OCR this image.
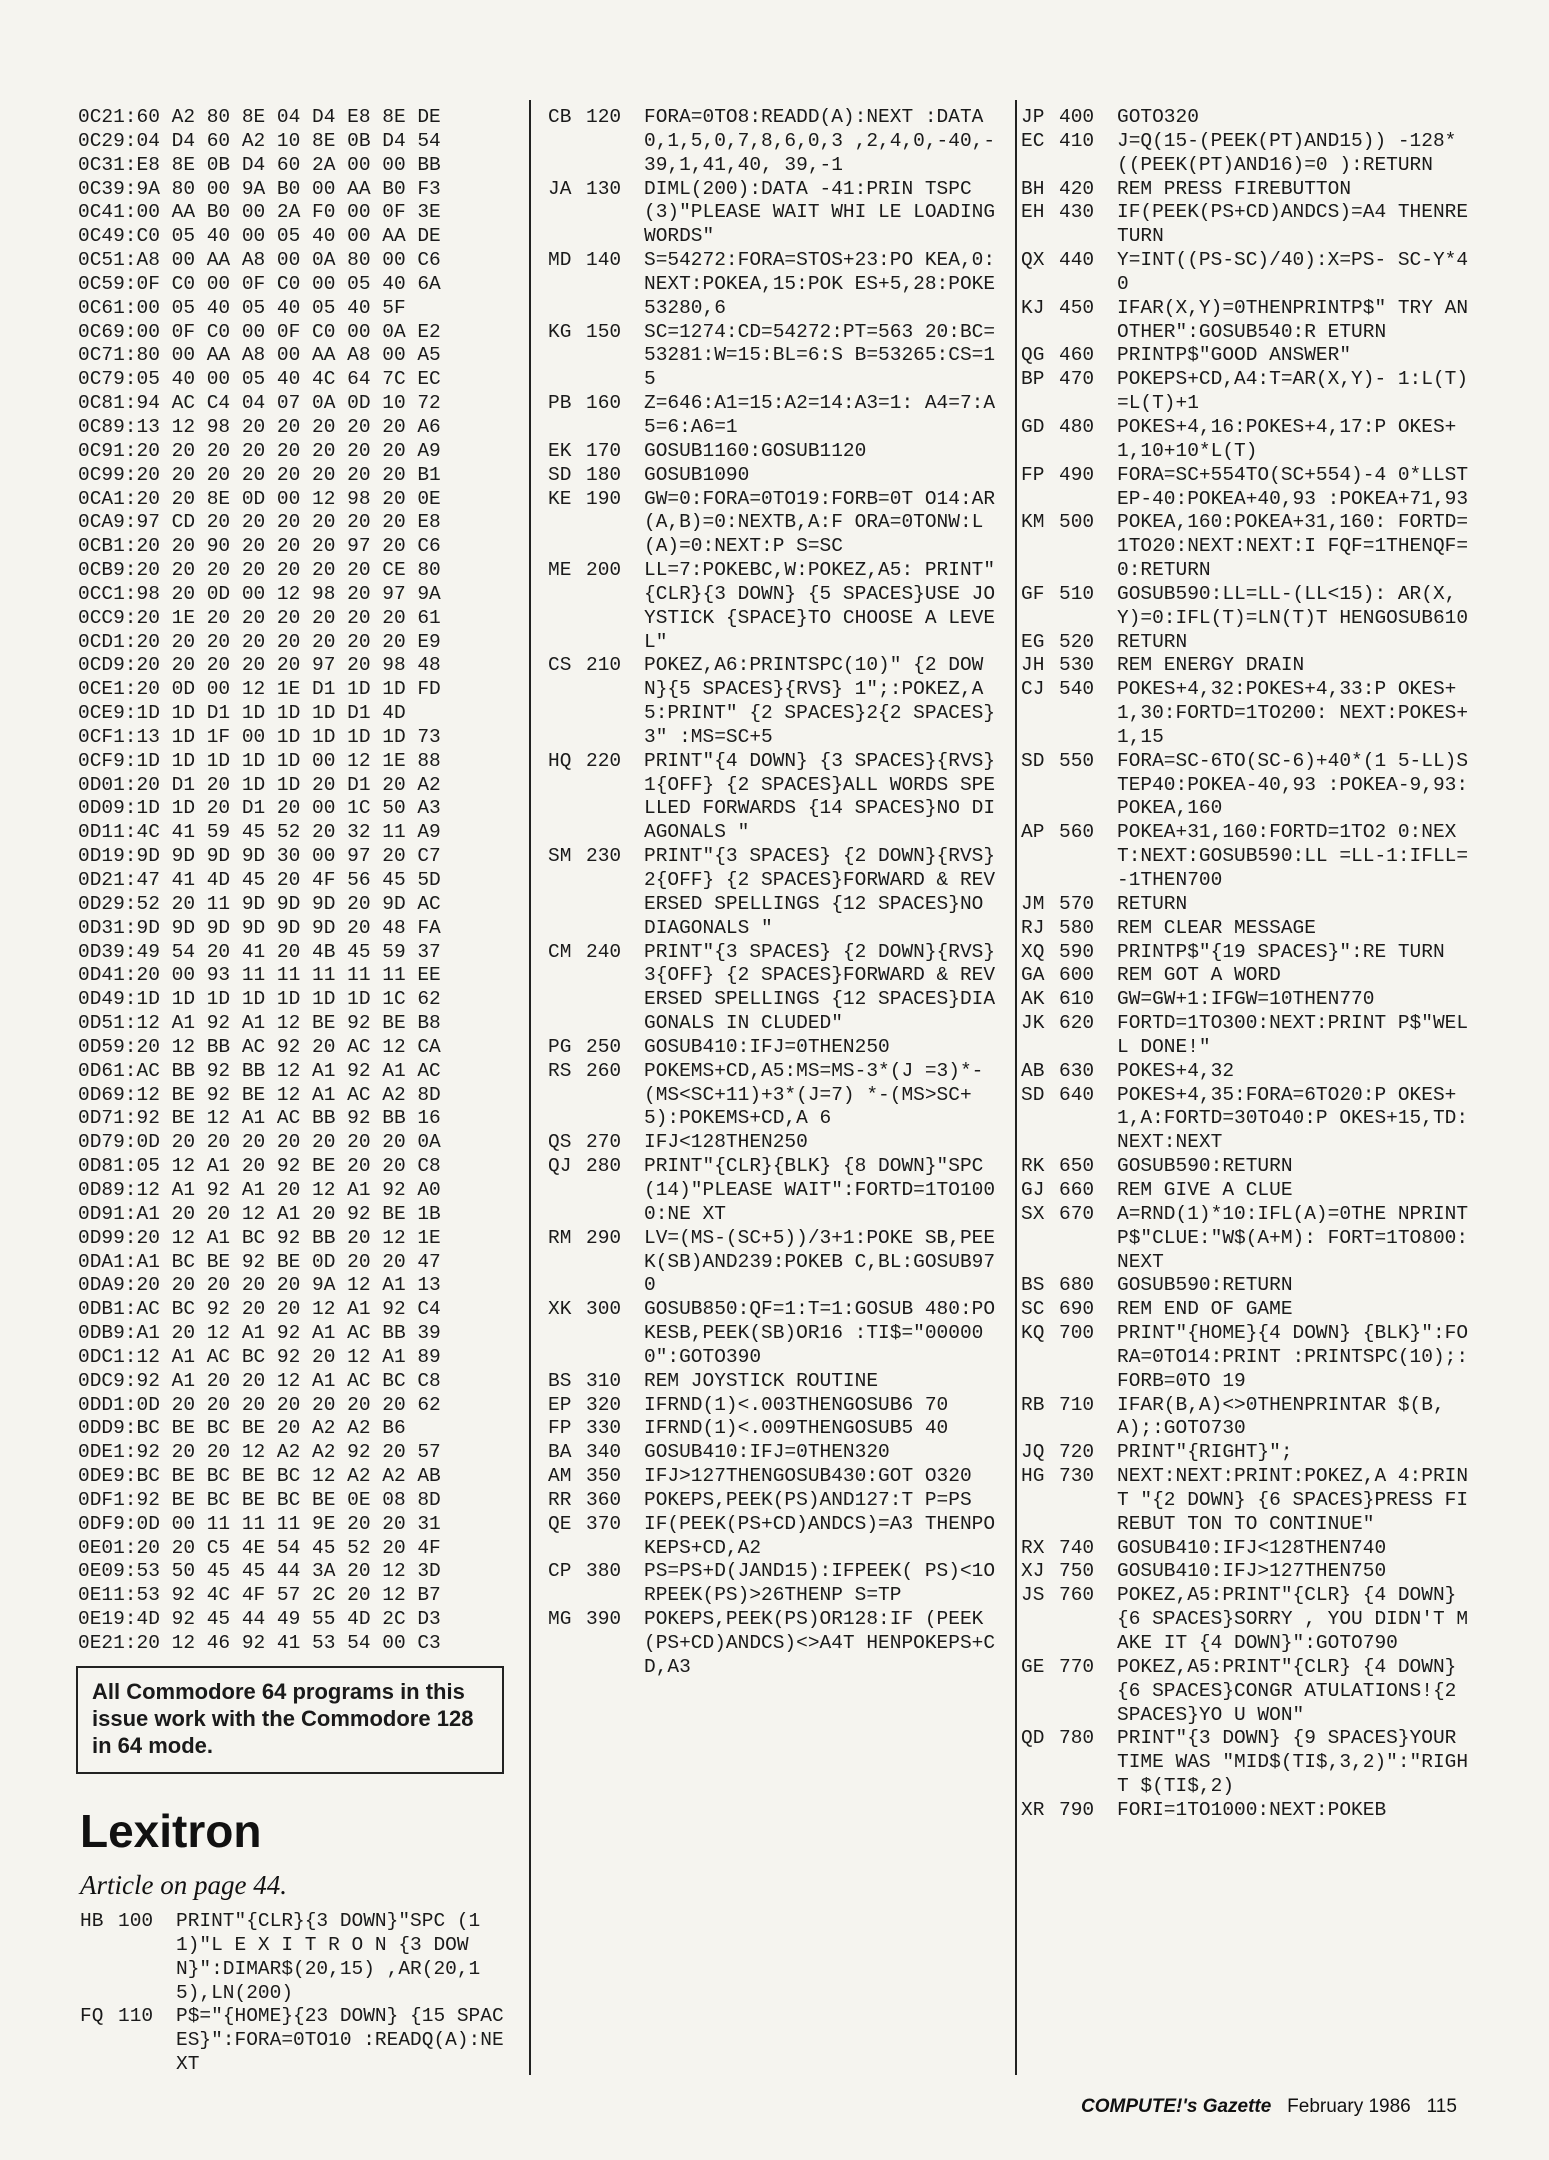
0C21:60 A2 80 8E 04 D4 E8 8E DE
0C29:04 D4 60 A2 10 8E 0B D4 54
0C31:E8 8E 0B D4 60 2A 00 00 BB
0C39:9A 80 00 9A B0 00 AA B0 F3
0C41:00 AA B0 00 2A F0 00 0F 3E
0C49:C0 05 40 00 05 40 00 AA DE
0C51:A8 00 AA A8 00 0A 80 00 C6
0C59:0F C0 00 0F C0 00 05 40 6A
0C61:00 05 40 05 40 05 40 5F
0C69:00 0F C0 00 0F C0 00 0A E2
0C71:80 00 AA A8 00 AA A8 00 A5
0C79:05 40 00 05 40 4C 64 7C EC
0C81:94 AC C4 04 07 0A 0D 10 72
0C89:13 12 98 20 20 20 20 20 A6
0C91:20 20 20 20 20 20 20 20 A9
0C99:20 20 20 20 20 20 20 20 B1
0CA1:20 20 8E 0D 00 12 98 20 0E
0CA9:97 CD 20 20 20 20 20 20 E8
0CB1:20 20 90 20 20 20 97 20 C6
0CB9:20 20 20 20 20 20 20 CE 80
0CC1:98 20 0D 00 12 98 20 97 9A
0CC9:20 1E 20 20 20 20 20 20 61
0CD1:20 20 20 20 20 20 20 20 E9
0CD9:20 20 20 20 20 97 20 98 48
0CE1:20 0D 00 12 1E D1 1D 1D FD
0CE9:1D 1D D1 1D 1D 1D D1 4D
0CF1:13 1D 1F 00 1D 1D 1D 1D 73
0CF9:1D 1D 1D 1D 1D 00 12 1E 88
0D01:20 D1 20 1D 1D 20 D1 20 A2
0D09:1D 1D 20 D1 20 00 1C 50 A3
0D11:4C 41 59 45 52 20 32 11 A9
0D19:9D 9D 9D 9D 30 00 97 20 C7
0D21:47 41 4D 45 20 4F 56 45 5D
0D29:52 20 11 9D 9D 9D 20 9D AC
0D31:9D 9D 9D 9D 9D 9D 20 48 FA
0D39:49 54 20 41 20 4B 45 59 37
0D41:20 00 93 11 11 11 11 11 EE
0D49:1D 1D 1D 1D 1D 1D 1D 1C 62
0D51:12 A1 92 A1 12 BE 92 BE B8
0D59:20 12 BB AC 92 20 AC 12 CA
0D61:AC BB 92 BB 12 A1 92 A1 AC
0D69:12 BE 92 BE 12 A1 AC A2 8D
0D71:92 BE 12 A1 AC BB 92 BB 16
0D79:0D 20 20 20 20 20 20 20 0A
0D81:05 12 A1 20 92 BE 20 20 C8
0D89:12 A1 92 A1 20 12 A1 92 A0
0D91:A1 20 20 12 A1 20 92 BE 1B
0D99:20 12 A1 BC 92 BB 20 12 1E
0DA1:A1 BC BE 92 BE 0D 20 20 47
0DA9:20 20 20 20 20 9A 12 A1 13
0DB1:AC BC 92 20 20 12 A1 92 C4
0DB9:A1 20 12 A1 92 A1 AC BB 39
0DC1:12 A1 AC BC 92 20 12 A1 89
0DC9:92 A1 20 20 12 A1 AC BC C8
0DD1:0D 20 20 20 20 20 20 20 62
0DD9:BC BE BC BE 20 A2 A2 B6
0DE1:92 20 20 12 A2 A2 92 20 57
0DE9:BC BE BC BE BC 12 A2 A2 AB
0DF1:92 BE BC BE BC BE 0E 08 8D
0DF9:0D 00 11 11 11 9E 20 20 31
0E01:20 20 C5 4E 54 45 52 20 4F
0E09:53 50 45 45 44 3A 20 12 3D
0E11:53 92 4C 4F 57 2C 20 12 B7
0E19:4D 92 45 44 49 55 4D 2C D3
0E21:20 12 46 92 41 53 54 00 C3
All Commodore 64 programs in this issue work with the Commodore 128 in 64 mode.
Lexitron
Article on page 44.
HB 100	PRINT"{CLR}{3 DOWN}"SPC (11)"L E X I T R O N {3 DOWN}":DIMAR$(20,15) ,AR(20,15),LN(200)
FQ 110	P$="{HOME}{23 DOWN} {15 SPACES}":FORA=0TO10 :READQ(A):NEXT
CB 120	FORA=0TO8:READD(A):NEXT :DATA 0,1,5,0,7,8,6,0,3 ,2,4,0,-40,-39,1,41,40, 39,-1
JA 130	DIML(200):DATA -41:PRIN TSPC(3)"PLEASE WAIT WHI LE LOADING WORDS"
MD 140	S=54272:FORA=STOS+23:PO KEA,0:NEXT:POKEA,15:POK ES+5,28:POKE53280,6
KG 150	SC=1274:CD=54272:PT=563 20:BC=53281:W=15:BL=6:S B=53265:CS=15
PB 160	Z=646:A1=15:A2=14:A3=1: A4=7:A5=6:A6=1
EK 170	GOSUB1160:GOSUB1120
SD 180	GOSUB1090
KE 190	GW=0:FORA=0TO19:FORB=0T O14:AR(A,B)=0:NEXTB,A:F ORA=0TONW:L(A)=0:NEXT:P S=SC
ME 200	LL=7:POKEBC,W:POKEZ,A5: PRINT"{CLR}{3 DOWN} {5 SPACES}USE JOYSTICK {SPACE}TO CHOOSE A LEVE L"
CS 210	POKEZ,A6:PRINTSPC(10)" {2 DOWN}{5 SPACES}{RVS} 1";:POKEZ,A5:PRINT" {2 SPACES}2{2 SPACES}3" :MS=SC+5
HQ 220	PRINT"{4 DOWN} {3 SPACES}{RVS}1{OFF} {2 SPACES}ALL WORDS SPE LLED FORWARDS {14 SPACES}NO DIAGONALS "
SM 230	PRINT"{3 SPACES} {2 DOWN}{RVS}2{OFF} {2 SPACES}FORWARD & REV ERSED SPELLINGS {12 SPACES}NO DIAGONALS "
CM 240	PRINT"{3 SPACES} {2 DOWN}{RVS}3{OFF} {2 SPACES}FORWARD & REV ERSED SPELLINGS {12 SPACES}DIAGONALS IN CLUDED"
PG 250	GOSUB410:IFJ=0THEN250
RS 260	POKEMS+CD,A5:MS=MS-3*(J =3)*-(MS<SC+11)+3*(J=7) *-(MS>SC+5):POKEMS+CD,A 6
QS 270	IFJ<128THEN250
QJ 280	PRINT"{CLR}{BLK} {8 DOWN}"SPC(14)"PLEASE WAIT":FORTD=1TO1000:NE XT
RM 290	LV=(MS-(SC+5))/3+1:POKE SB,PEEK(SB)AND239:POKEB C,BL:GOSUB970
XK 300	GOSUB850:QF=1:T=1:GOSUB 480:POKESB,PEEK(SB)OR16 :TI$="000000":GOTO390
BS 310	REM JOYSTICK ROUTINE
EP 320	IFRND(1)<.003THENGOSUB6 70
FP 330	IFRND(1)<.009THENGOSUB5 40
BA 340	GOSUB410:IFJ=0THEN320
AM 350	IFJ>127THENGOSUB430:GOT O320
RR 360	POKEPS,PEEK(PS)AND127:T P=PS
QE 370	IF(PEEK(PS+CD)ANDCS)=A3 THENPOKEPS+CD,A2
CP 380	PS=PS+D(JAND15):IFPEEK( PS)<1ORPEEK(PS)>26THENP S=TP
MG 390	POKEPS,PEEK(PS)OR128:IF (PEEK(PS+CD)ANDCS)<>A4T HENPOKEPS+CD,A3
JP 400	GOTO320
EC 410	J=Q(15-(PEEK(PT)AND15)) -128*((PEEK(PT)AND16)=0 ):RETURN
BH 420	REM PRESS FIREBUTTON
EH 430	IF(PEEK(PS+CD)ANDCS)=A4 THENRETURN
QX 440	Y=INT((PS-SC)/40):X=PS- SC-Y*40
KJ 450	IFAR(X,Y)=0THENPRINTP$" TRY ANOTHER":GOSUB540:R ETURN
QG 460	PRINTP$"GOOD ANSWER"
BP 470	POKEPS+CD,A4:T=AR(X,Y)- 1:L(T)=L(T)+1
GD 480	POKES+4,16:POKES+4,17:P OKES+1,10+10*L(T)
FP 490	FORA=SC+554TO(SC+554)-4 0*LLSTEP-40:POKEA+40,93 :POKEA+71,93
KM 500	POKEA,160:POKEA+31,160: FORTD=1TO20:NEXT:NEXT:I FQF=1THENQF=0:RETURN
GF 510	GOSUB590:LL=LL-(LL<15): AR(X,Y)=0:IFL(T)=LN(T)T HENGOSUB610
EG 520	RETURN
JH 530	REM ENERGY DRAIN
CJ 540	POKES+4,32:POKES+4,33:P OKES+1,30:FORTD=1TO200: NEXT:POKES+1,15
SD 550	FORA=SC-6TO(SC-6)+40*(1 5-LL)STEP40:POKEA-40,93 :POKEA-9,93:POKEA,160
AP 560	POKEA+31,160:FORTD=1TO2 0:NEXT:NEXT:GOSUB590:LL =LL-1:IFLL=-1THEN700
JM 570	RETURN
RJ 580	REM CLEAR MESSAGE
XQ 590	PRINTP$"{19 SPACES}":RE TURN
GA 600	REM GOT A WORD
AK 610	GW=GW+1:IFGW=10THEN770
JK 620	FORTD=1TO300:NEXT:PRINT P$"WELL DONE!"
AB 630	POKES+4,32
SD 640	POKES+4,35:FORA=6TO20:P OKES+1,A:FORTD=30TO40:P OKES+15,TD:NEXT:NEXT
RK 650	GOSUB590:RETURN
GJ 660	REM GIVE A CLUE
SX 670	A=RND(1)*10:IFL(A)=0THE NPRINTP$"CLUE:"W$(A+M): FORT=1TO800:NEXT
BS 680	GOSUB590:RETURN
SC 690	REM END OF GAME
KQ 700	PRINT"{HOME}{4 DOWN} {BLK}":FORA=0TO14:PRINT :PRINTSPC(10);:FORB=0TO 19
RB 710	IFAR(B,A)<>0THENPRINTAR $(B,A);:GOTO730
JQ 720	PRINT"{RIGHT}";
HG 730	NEXT:NEXT:PRINT:POKEZ,A 4:PRINT "{2 DOWN} {6 SPACES}PRESS FIREBUT TON TO CONTINUE"
RX 740	GOSUB410:IFJ<128THEN740
XJ 750	GOSUB410:IFJ>127THEN750
JS 760	POKEZ,A5:PRINT"{CLR} {4 DOWN}{6 SPACES}SORRY , YOU DIDN'T MAKE IT {4 DOWN}":GOTO790
GE 770	POKEZ,A5:PRINT"{CLR} {4 DOWN}{6 SPACES}CONGR ATULATIONS!{2 SPACES}YO U WON"
QD 780	PRINT"{3 DOWN} {9 SPACES}YOUR TIME WAS "MID$(TI$,3,2)":"RIGHT $(TI$,2)
XR 790	FORI=1TO1000:NEXT:POKEB
COMPUTE!'s Gazette February 1986 115
